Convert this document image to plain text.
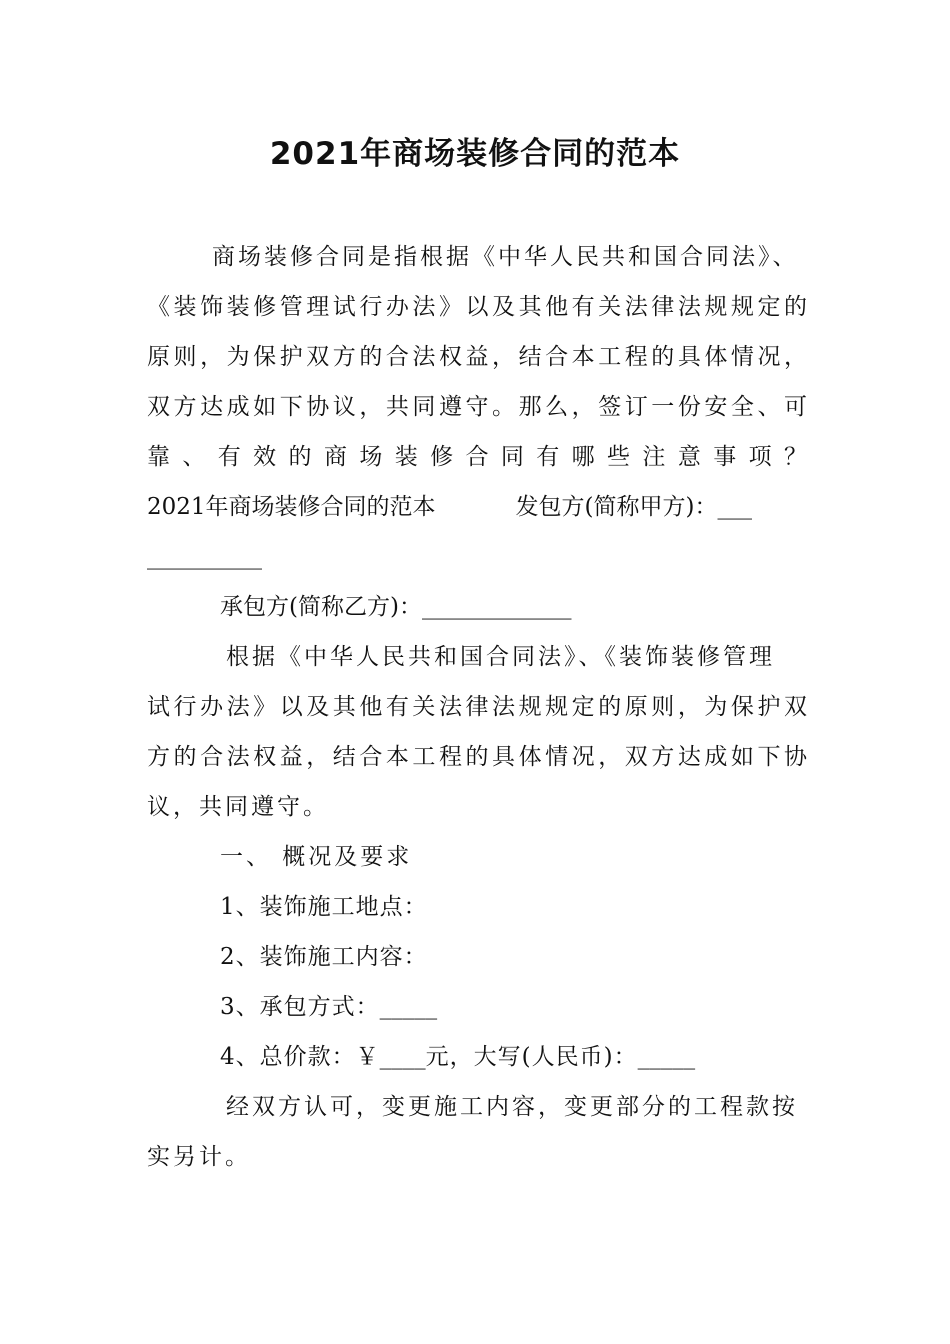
2021年商场装修合同的范本
商场装修合同是指根据《中华人民共和国合同法》、
《装饰装修管理试行办法》以及其他有关法律法规规定的
原则，为保护双方的合法权益，结合本工程的具体情况，
双方达成如下协议，共同遵守。那么，签订一份安全、可
靠 、 有 效 的 商 场 装 修 合 同 有 哪 些 注 意 事 项 ？
2021年商场装修合同的范本	发包方(简称甲方)：___
__________
承包方(简称乙方)：_____________
根据《中华人民共和国合同法》、《装饰装修管理
试行办法》以及其他有关法律法规规定的原则，为保护双
方的合法权益，结合本工程的具体情况，双方达成如下协
议，共同遵守。
一、 概况及要求
1、装饰施工地点：
2、装饰施工内容：
3、承包方式：_____
4、总价款：￥____元，大写(人民币)：_____
经双方认可，变更施工内容，变更部分的工程款按
实另计。
